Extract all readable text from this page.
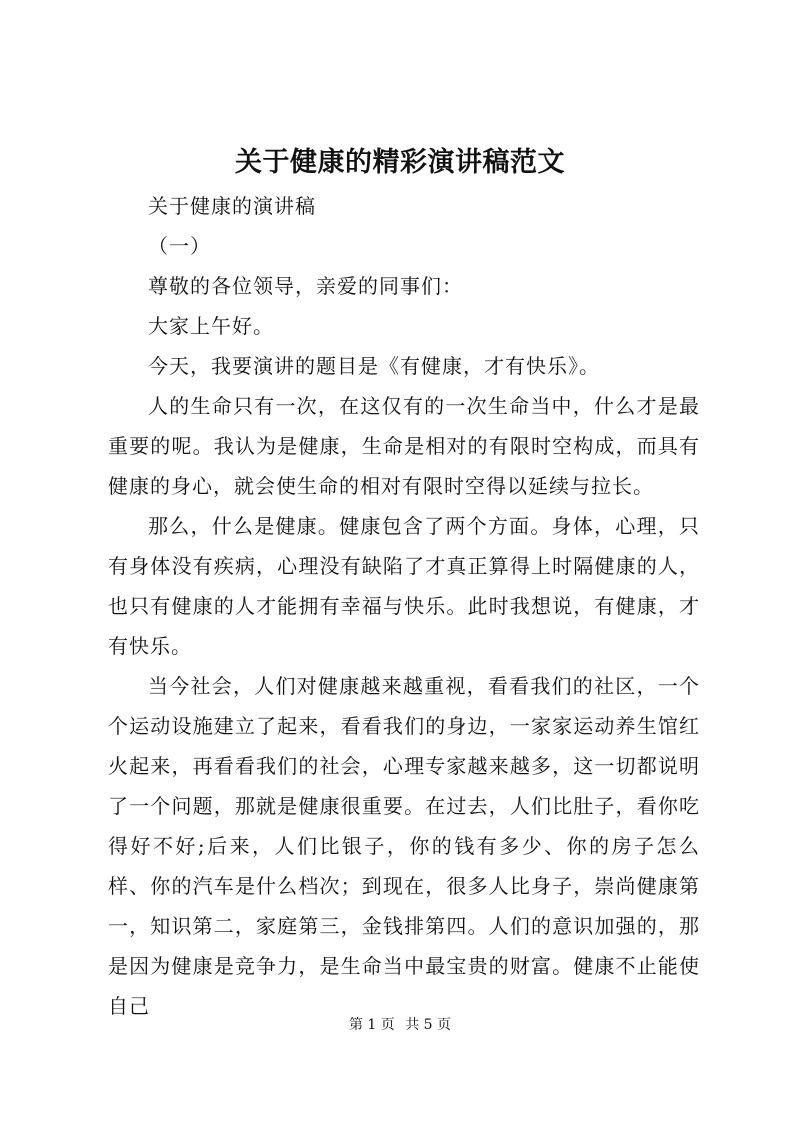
关于健康的精彩演讲稿范文

关于健康的演讲稿

（一）

尊敬的各位领导，亲爱的同事们：

大家上午好。

今天，我要演讲的题目是《有健康，才有快乐》。

人的生命只有一次，在这仅有的一次生命当中，什么才是最重要的呢。我认为是健康，生命是相对的有限时空构成，而具有健康的身心，就会使生命的相对有限时空得以延续与拉长。

那么，什么是健康。健康包含了两个方面。身体，心理，只有身体没有疾病，心理没有缺陷了才真正算得上时隔健康的人，也只有健康的人才能拥有幸福与快乐。此时我想说，有健康，才有快乐。

当今社会，人们对健康越来越重视，看看我们的社区，一个个运动设施建立了起来，看看我们的身边，一家家运动养生馆红火起来，再看看我们的社会，心理专家越来越多，这一切都说明了一个问题，那就是健康很重要。在过去，人们比肚子，看你吃得好不好;后来，人们比银子，你的钱有多少、你的房子怎么样、你的汽车是什么档次；到现在，很多人比身子，崇尚健康第一，知识第二，家庭第三，金钱排第四。人们的意识加强的，那是因为健康是竞争力，是生命当中最宝贵的财富。健康不止能使自己

第 1 页 共 5 页
